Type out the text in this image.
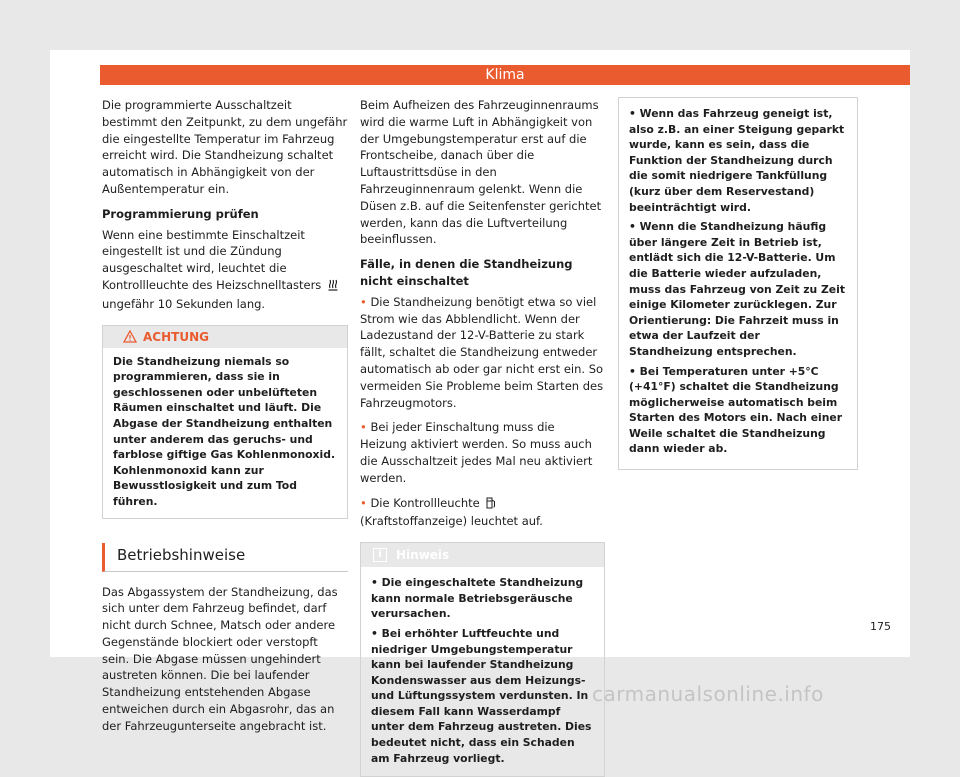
Klima

Die programmierte Ausschaltzeit bestimmt den Zeitpunkt, zu dem ungefähr die eingestellte Temperatur im Fahrzeug erreicht wird. Die Standheizung schaltet automatisch in Abhängigkeit von der Außentemperatur ein.

Programmierung prüfen

Wenn eine bestimmte Einschaltzeit eingestellt ist und die Zündung ausgeschaltet wird, leuchtet die Kontrollleuchte des Heizschnelltasters  ungefähr 10 Sekunden lang.

ACHTUNG
Die Standheizung niemals so programmieren, dass sie in geschlossenen oder unbelüfteten Räumen einschaltet und läuft. Die Abgase der Standheizung enthalten unter anderem das geruchs- und farblose giftige Gas Kohlenmonoxid. Kohlenmonoxid kann zur Bewusstlosigkeit und zum Tod führen.
Betriebshinweise

Das Abgassystem der Standheizung, das sich unter dem Fahrzeug befindet, darf nicht durch Schnee, Matsch oder andere Gegenstände blockiert oder verstopft sein. Die Abgase müssen ungehindert austreten können. Die bei laufender Standheizung entstehenden Abgase entweichen durch ein Abgasrohr, das an der Fahrzeugunterseite angebracht ist.

Beim Aufheizen des Fahrzeuginnenraums wird die warme Luft in Abhängigkeit von der Umgebungstemperatur erst auf die Frontscheibe, danach über die Luftaustrittsdüse in den Fahrzeuginnenraum gelenkt. Wenn die Düsen z.B. auf die Seitenfenster gerichtet werden, kann das die Luftverteilung beeinflussen.

Fälle, in denen die Standheizung nicht einschaltet

• Die Standheizung benötigt etwa so viel Strom wie das Abblendlicht. Wenn der Ladezustand der 12-V-Batterie zu stark fällt, schaltet die Standheizung entweder automatisch ab oder gar nicht erst ein. So vermeiden Sie Probleme beim Starten des Fahrzeugmotors.

• Bei jeder Einschaltung muss die Heizung aktiviert werden. So muss auch die Ausschaltzeit jedes Mal neu aktiviert werden.

• Die Kontrollleuchte  (Kraftstoffanzeige) leuchtet auf.

i	Hinweis

• Die eingeschaltete Standheizung kann normale Betriebsgeräusche verursachen.

• Bei erhöhter Luftfeuchte und niedriger Umgebungstemperatur kann bei laufender Standheizung Kondenswasser aus dem Heizungs- und Lüftungssystem verdunsten. In diesem Fall kann Wasserdampf unter dem Fahrzeug austreten. Dies bedeutet nicht, dass ein Schaden am Fahrzeug vorliegt.

• Wenn das Fahrzeug geneigt ist, also z.B. an einer Steigung geparkt wurde, kann es sein, dass die Funktion der Standheizung durch die somit niedrigere Tankfüllung (kurz über dem Reservestand) beeinträchtigt wird.

• Wenn die Standheizung häufig über längere Zeit in Betrieb ist, entlädt sich die 12-V-Batterie. Um die Batterie wieder aufzuladen, muss das Fahrzeug von Zeit zu Zeit einige Kilometer zurücklegen. Zur Orientierung: Die Fahrzeit muss in etwa der Laufzeit der Standheizung entsprechen.

• Bei Temperaturen unter +5°C (+41°F) schaltet die Standheizung möglicherweise automatisch beim Starten des Motors ein. Nach einer Weile schaltet die Standheizung dann wieder ab.

175
carmanualsonline.info
